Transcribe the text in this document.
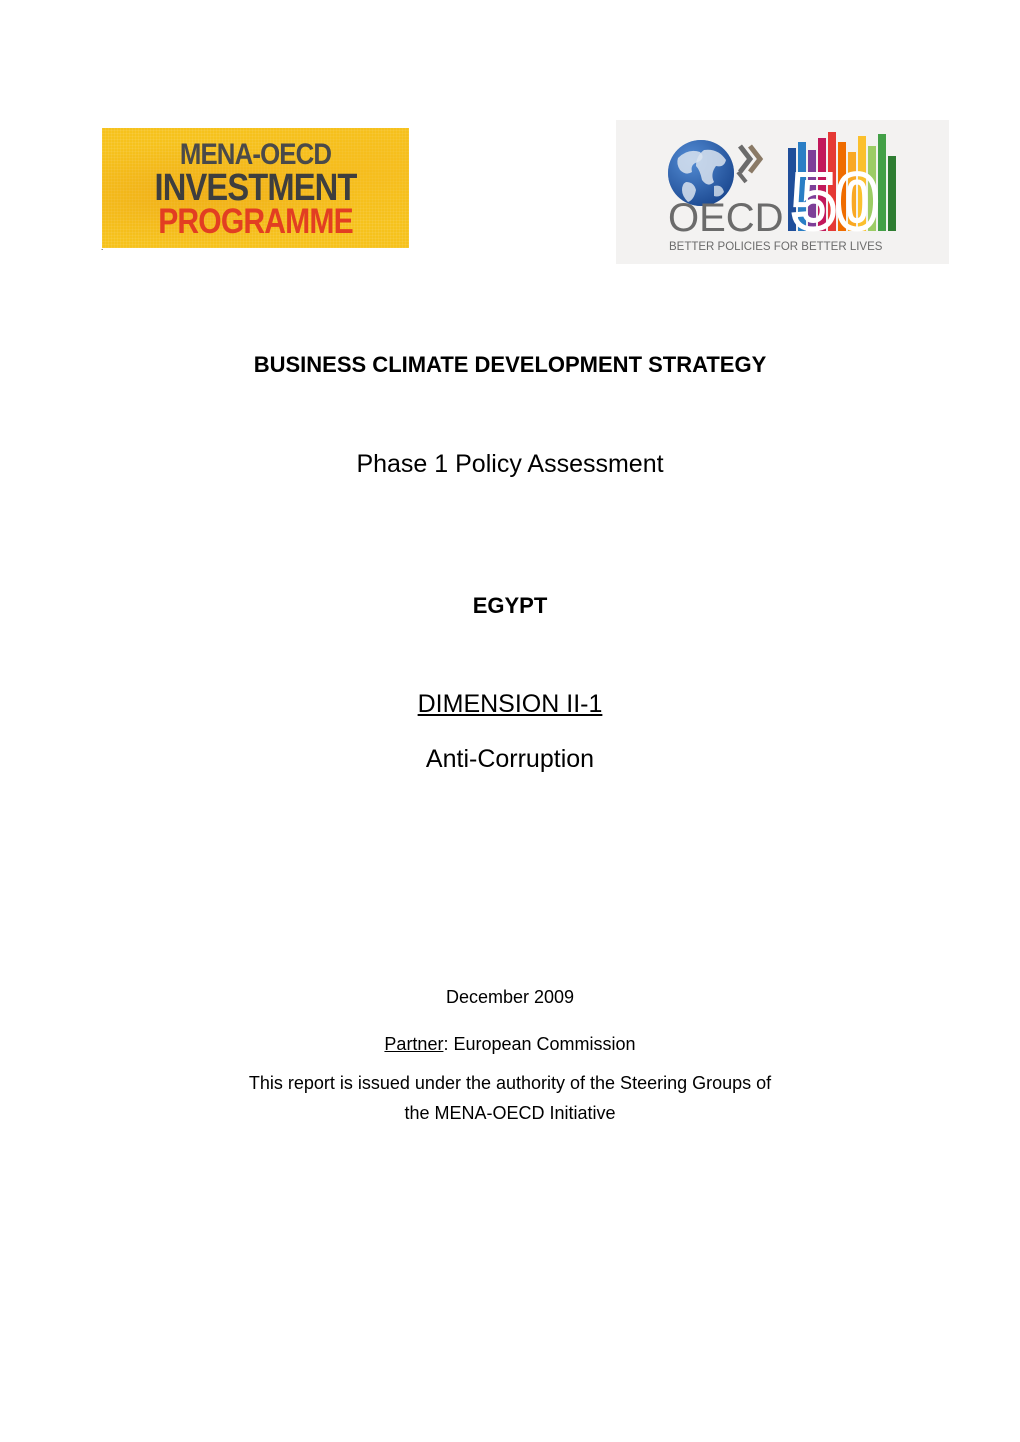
MENA-OECD
INVESTMENT
PROGRAMME
.
50
OECD
BETTER POLICIES FOR BETTER LIVES
BUSINESS CLIMATE DEVELOPMENT STRATEGY
Phase 1 Policy Assessment
EGYPT
DIMENSION II-1
Anti-Corruption
December 2009
Partner: European Commission
This report is issued under the authority of the Steering Groups of
the MENA-OECD Initiative
